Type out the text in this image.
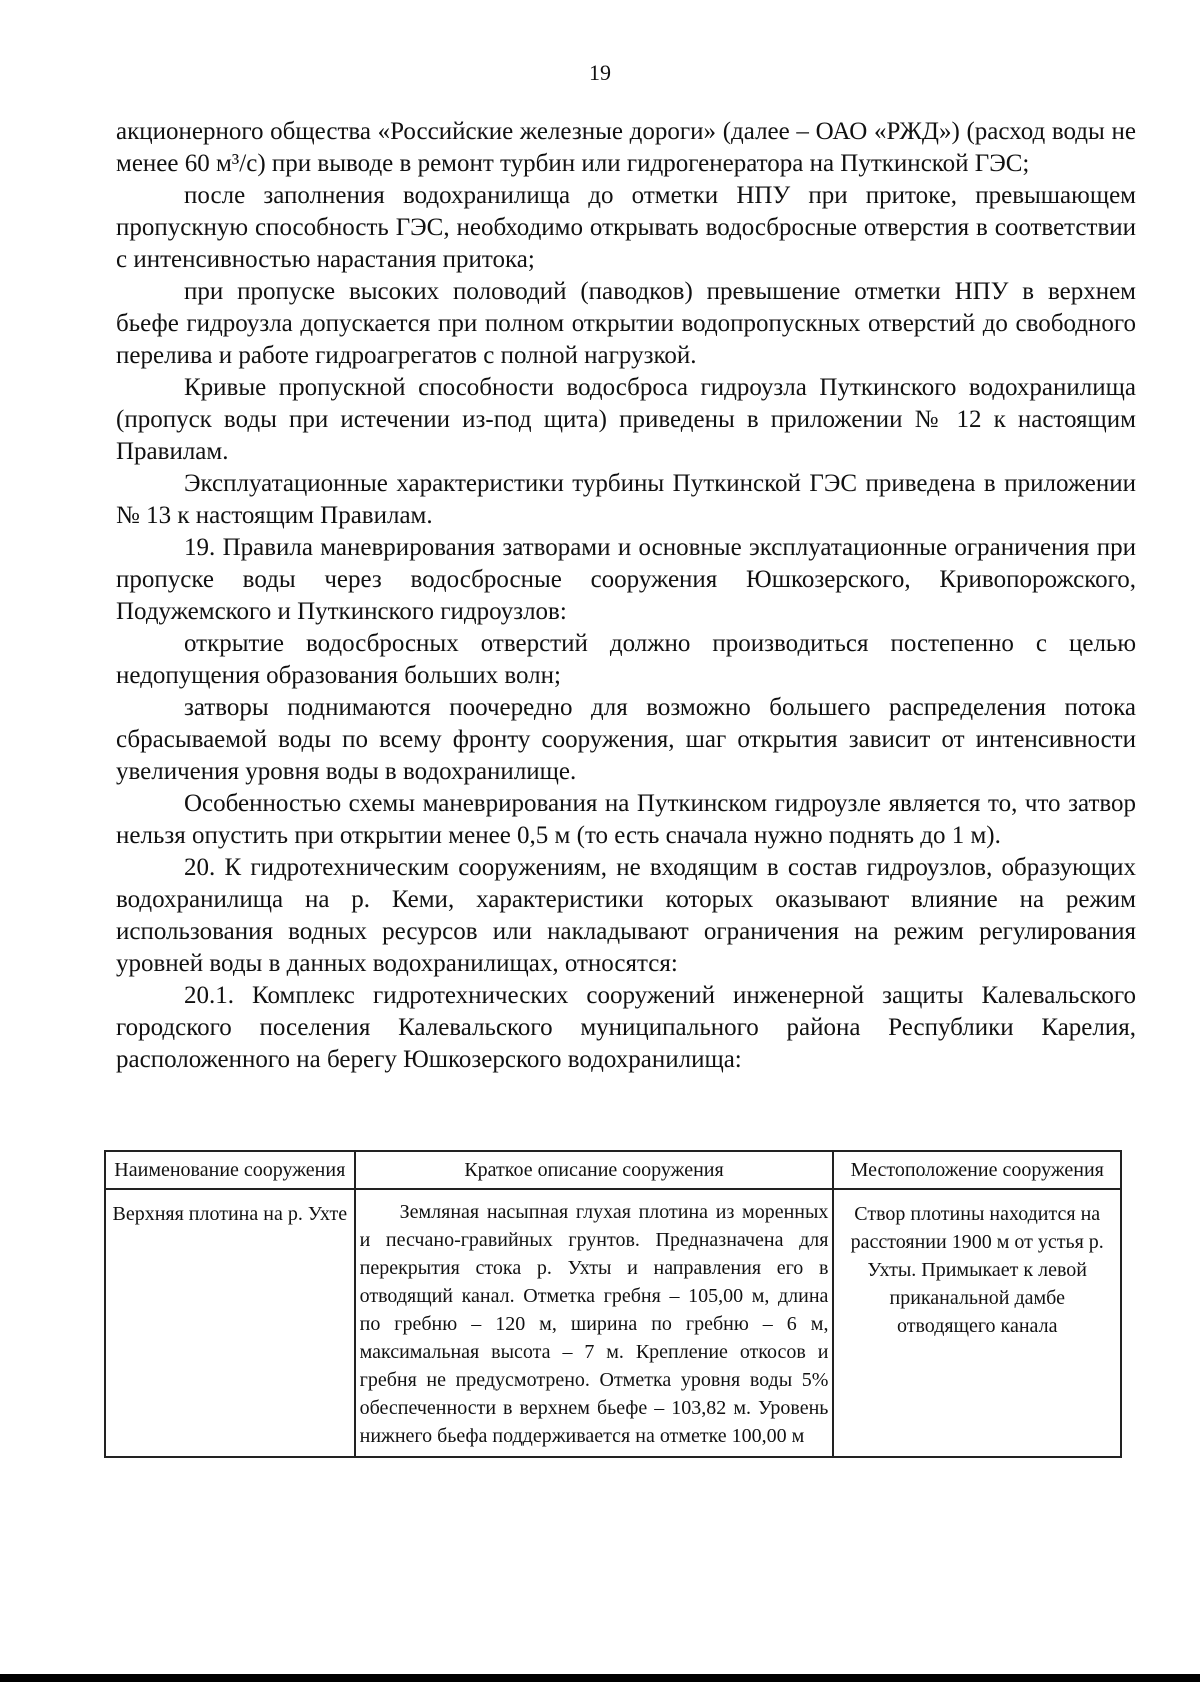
19

акционерного общества «Российские железные дороги» (далее – ОАО «РЖД») (расход воды не менее 60 м³/с) при выводе в ремонт турбин или гидрогенератора на Путкинской ГЭС;

после заполнения водохранилища до отметки НПУ при притоке, превышающем пропускную способность ГЭС, необходимо открывать водосбросные отверстия в соответствии с интенсивностью нарастания притока;

при пропуске высоких половодий (паводков) превышение отметки НПУ в верхнем бьефе гидроузла допускается при полном открытии водопропускных отверстий до свободного перелива и работе гидроагрегатов с полной нагрузкой.

Кривые пропускной способности водосброса гидроузла Путкинского водохранилища (пропуск воды при истечении из-под щита) приведены в приложении № 12 к настоящим Правилам.

Эксплуатационные характеристики турбины Путкинской ГЭС приведена в приложении № 13 к настоящим Правилам.

19. Правила маневрирования затворами и основные эксплуатационные ограничения при пропуске воды через водосбросные сооружения Юшкозерского, Кривопорожского, Подужемского и Путкинского гидроузлов:

открытие водосбросных отверстий должно производиться постепенно с целью недопущения образования больших волн;

затворы поднимаются поочередно для возможно большего распределения потока сбрасываемой воды по всему фронту сооружения, шаг открытия зависит от интенсивности увеличения уровня воды в водохранилище.

Особенностью схемы маневрирования на Путкинском гидроузле является то, что затвор нельзя опустить при открытии менее 0,5 м (то есть сначала нужно поднять до 1 м).

20. К гидротехническим сооружениям, не входящим в состав гидроузлов, образующих водохранилища на р. Кеми, характеристики которых оказывают влияние на режим использования водных ресурсов или накладывают ограничения на режим регулирования уровней воды в данных водохранилищах, относятся:

20.1. Комплекс гидротехнических сооружений инженерной защиты Калевальского городского поселения Калевальского муниципального района Республики Карелия, расположенного на берегу Юшкозерского водохранилища:

Наименование сооружения	Краткое описание сооружения	Местоположение сооружения
Верхняя плотина на р. Ухте	Земляная насыпная глухая плотина из моренных и песчано-гравийных грунтов. Предназначена для перекрытия стока р. Ухты и направления его в отводящий канал. Отметка гребня – 105,00 м, длина по гребню – 120 м, ширина по гребню – 6 м, максимальная высота – 7 м. Крепление откосов и гребня не предусмотрено. Отметка уровня воды 5% обеспеченности в верхнем бьефе – 103,82 м. Уровень нижнего бьефа поддерживается на отметке 100,00 м	Створ плотины находится на расстоянии 1900 м от устья р. Ухты. Примыкает к левой приканальной дамбе отводящего канала
